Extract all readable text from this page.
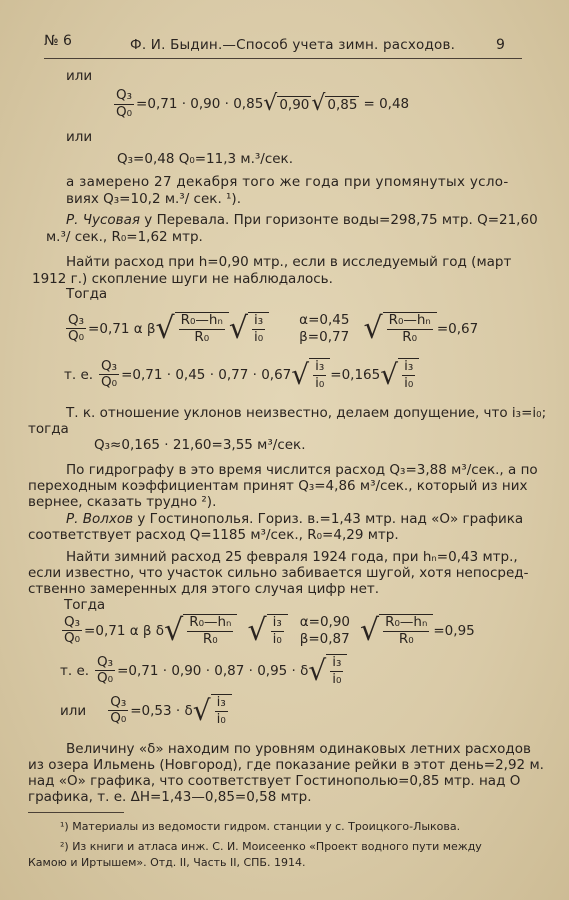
№ 6	Ф. И. Быдин.—Способ учета зимн. расходов.	9
или
$\frac{\text{Q₃}}{\text{Q₀}} =0,71 \cdot 0,90 \cdot 0,85$ √ 0,90 √ 0,85 = 0,48
или
Q₃=0,48 Q₀=11,3 м.³/сек.
а замерено 27 декабря того же года при упомянутых усло-
виях Q₃=10,2 м.³/ сек. ¹).
Р. Чусовая у Перевала. При горизонте воды=298,75 мтр. Q=21,60
м.³/ сек., R₀=1,62 мтр.
Найти расход при h=0,90 мтр., если в исследуемый год (март
1912 г.) скопление шуги не наблюдалось.
Тогда
$\frac{\text{Q₃}}{\text{Q₀}} =0,71$ α β √ $\frac{\text{R₀—hₙ}}{\text{R₀}}$ √ $\frac{\text{i₃}}{\text{i₀}}$	α=0,45
β=0,77 √ $\frac{\text{R₀—hₙ}}{\text{R₀}} =0,67$
т. е. $\frac{\text{Q₃}}{\text{Q₀}} =0,71 \cdot 0,45 \cdot 0,77 \cdot 0,67$ √ $\frac{\text{i₃}}{\text{i₀}} =0,165$ √ $\frac{\text{i₃}}{\text{i₀}}$
Т. к. отношение уклонов неизвестно, делаем допущение, что i₃=i₀;
тогда
Q₃≈0,165 · 21,60=3,55 м³/сек.
По гидрографу в это время числится расход Q₃=3,88 м³/сек., а по
переходным коэффициентам принят Q₃=4,86 м³/сек., который из них
вернее, сказать трудно ²).
Р. Волхов у Гостинополья. Гориз. в.=1,43 мтр. над «О» графика
соответствует расход Q=1185 м³/сек., R₀=4,29 мтр.
Найти зимний расход 25 февраля 1924 года, при hₙ=0,43 мтр.,
если известно, что участок сильно забивается шугой, хотя непосред-
ственно замеренных для этого случая цифр нет.
Тогда
$\frac{\text{Q₃}}{\text{Q₀}} =0,71$ α β δ √ $\frac{\text{R₀—hₙ}}{\text{R₀}}$ √ $\frac{\text{i₃}}{\text{i₀}} \alpha=0,90$
β=0,87 √ $\frac{\text{R₀—hₙ}}{\text{R₀}} =0,95$
т. е. $\frac{\text{Q₃}}{\text{Q₀}} =0,71 \cdot 0,90 \cdot 0,87 \cdot 0,95 \cdot \delta$ √ $\frac{\text{i₃}}{\text{i₀}}$
или $\frac{\text{Q₃}}{\text{Q₀}} =0,53 \cdot \delta$ √ $\frac{\text{i₃}}{\text{i₀}}$
Величину «δ» находим по уровням одинаковых летних расходов
из озера Ильмень (Новгород), где показание рейки в этот день=2,92 м.
над «О» графика, что соответствует Гостинополью=0,85 мтр. над О
графика, т. е. ΔH=1,43—0,85=0,58 мтр.
¹) Материалы из ведомости гидром. станции у с. Троицкого-Лыкова.
²) Из книги и атласа инж. С. И. Моисеенко «Проект водного пути между
Камою и Иртышем». Отд. II, Часть II, СПБ. 1914.
